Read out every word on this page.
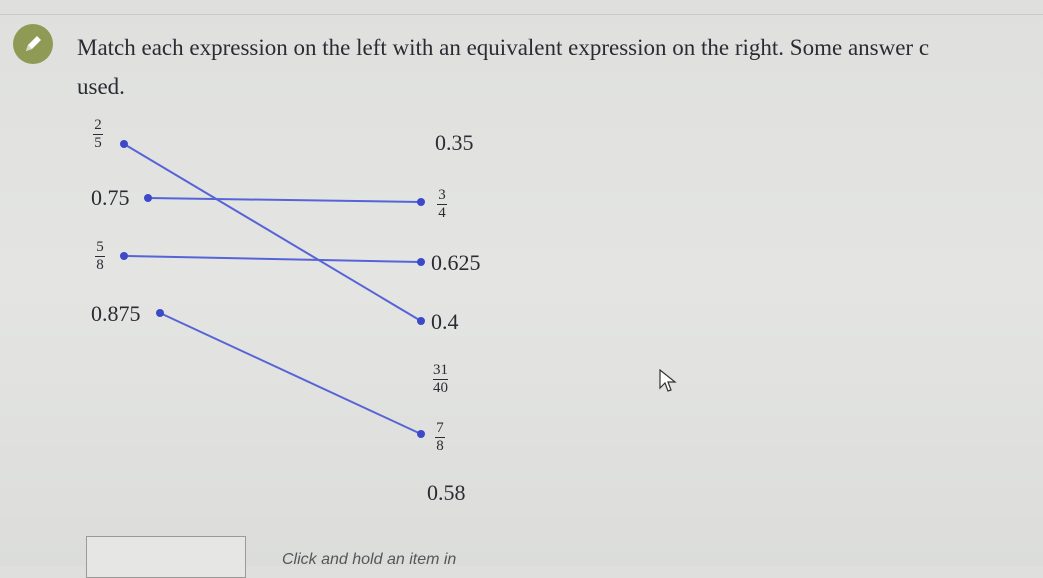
Match each expression on the left with an equivalent expression on the right. Some answer c
used.

2
5
0.75
5
8
0.875
0.35
3
4
0.625
0.4
31
40
7
8
0.58
Click and hold an item in
